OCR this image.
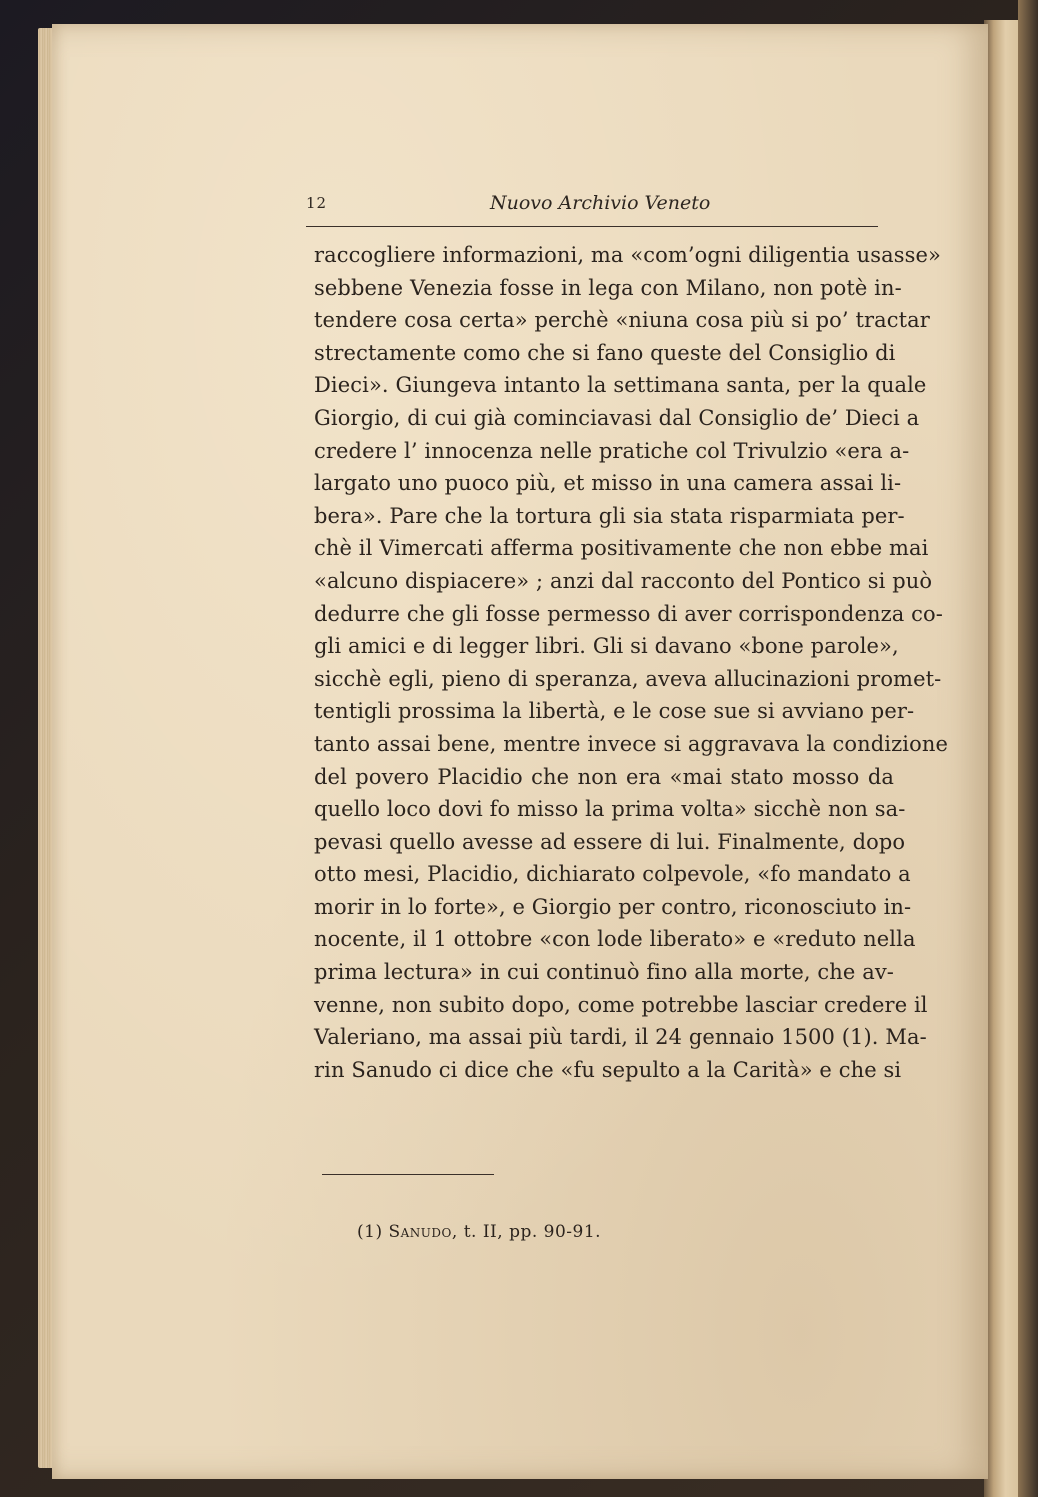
12	Nuovo Archivio Veneto
raccogliere informazioni, ma «com’ogni diligentia usasse»
sebbene Venezia fosse in lega con Milano, non potè in-
tendere cosa certa» perchè «niuna cosa più si po’ tractar
strectamente como che si fano queste del Consiglio di
Dieci». Giungeva intanto la settimana santa, per la quale
Giorgio, di cui già cominciavasi dal Consiglio de’ Dieci a
credere l’ innocenza nelle pratiche col Trivulzio «era a-
largato uno puoco più, et misso in una camera assai li-
bera». Pare che la tortura gli sia stata risparmiata per-
chè il Vimercati afferma positivamente che non ebbe mai
«alcuno dispiacere» ; anzi dal racconto del Pontico si può
dedurre che gli fosse permesso di aver corrispondenza co-
gli amici e di legger libri. Gli si davano «bone parole»,
sicchè egli, pieno di speranza, aveva allucinazioni promet-
tentigli prossima la libertà, e le cose sue si avviano per-
tanto assai bene, mentre invece si aggravava la condizione
del povero Placidio che non era «mai stato mosso da
quello loco dovi fo misso la prima volta» sicchè non sa-
pevasi quello avesse ad essere di lui. Finalmente, dopo
otto mesi, Placidio, dichiarato colpevole, «fo mandato a
morir in lo forte», e Giorgio per contro, riconosciuto in-
nocente, il 1 ottobre «con lode liberato» e «reduto nella
prima lectura» in cui continuò fino alla morte, che av-
venne, non subito dopo, come potrebbe lasciar credere il
Valeriano, ma assai più tardi, il 24 gennaio 1500 (1). Ma-
rin Sanudo ci dice che «fu sepulto a la Carità» e che si
(1) Sanudo, t. II, pp. 90-91.
